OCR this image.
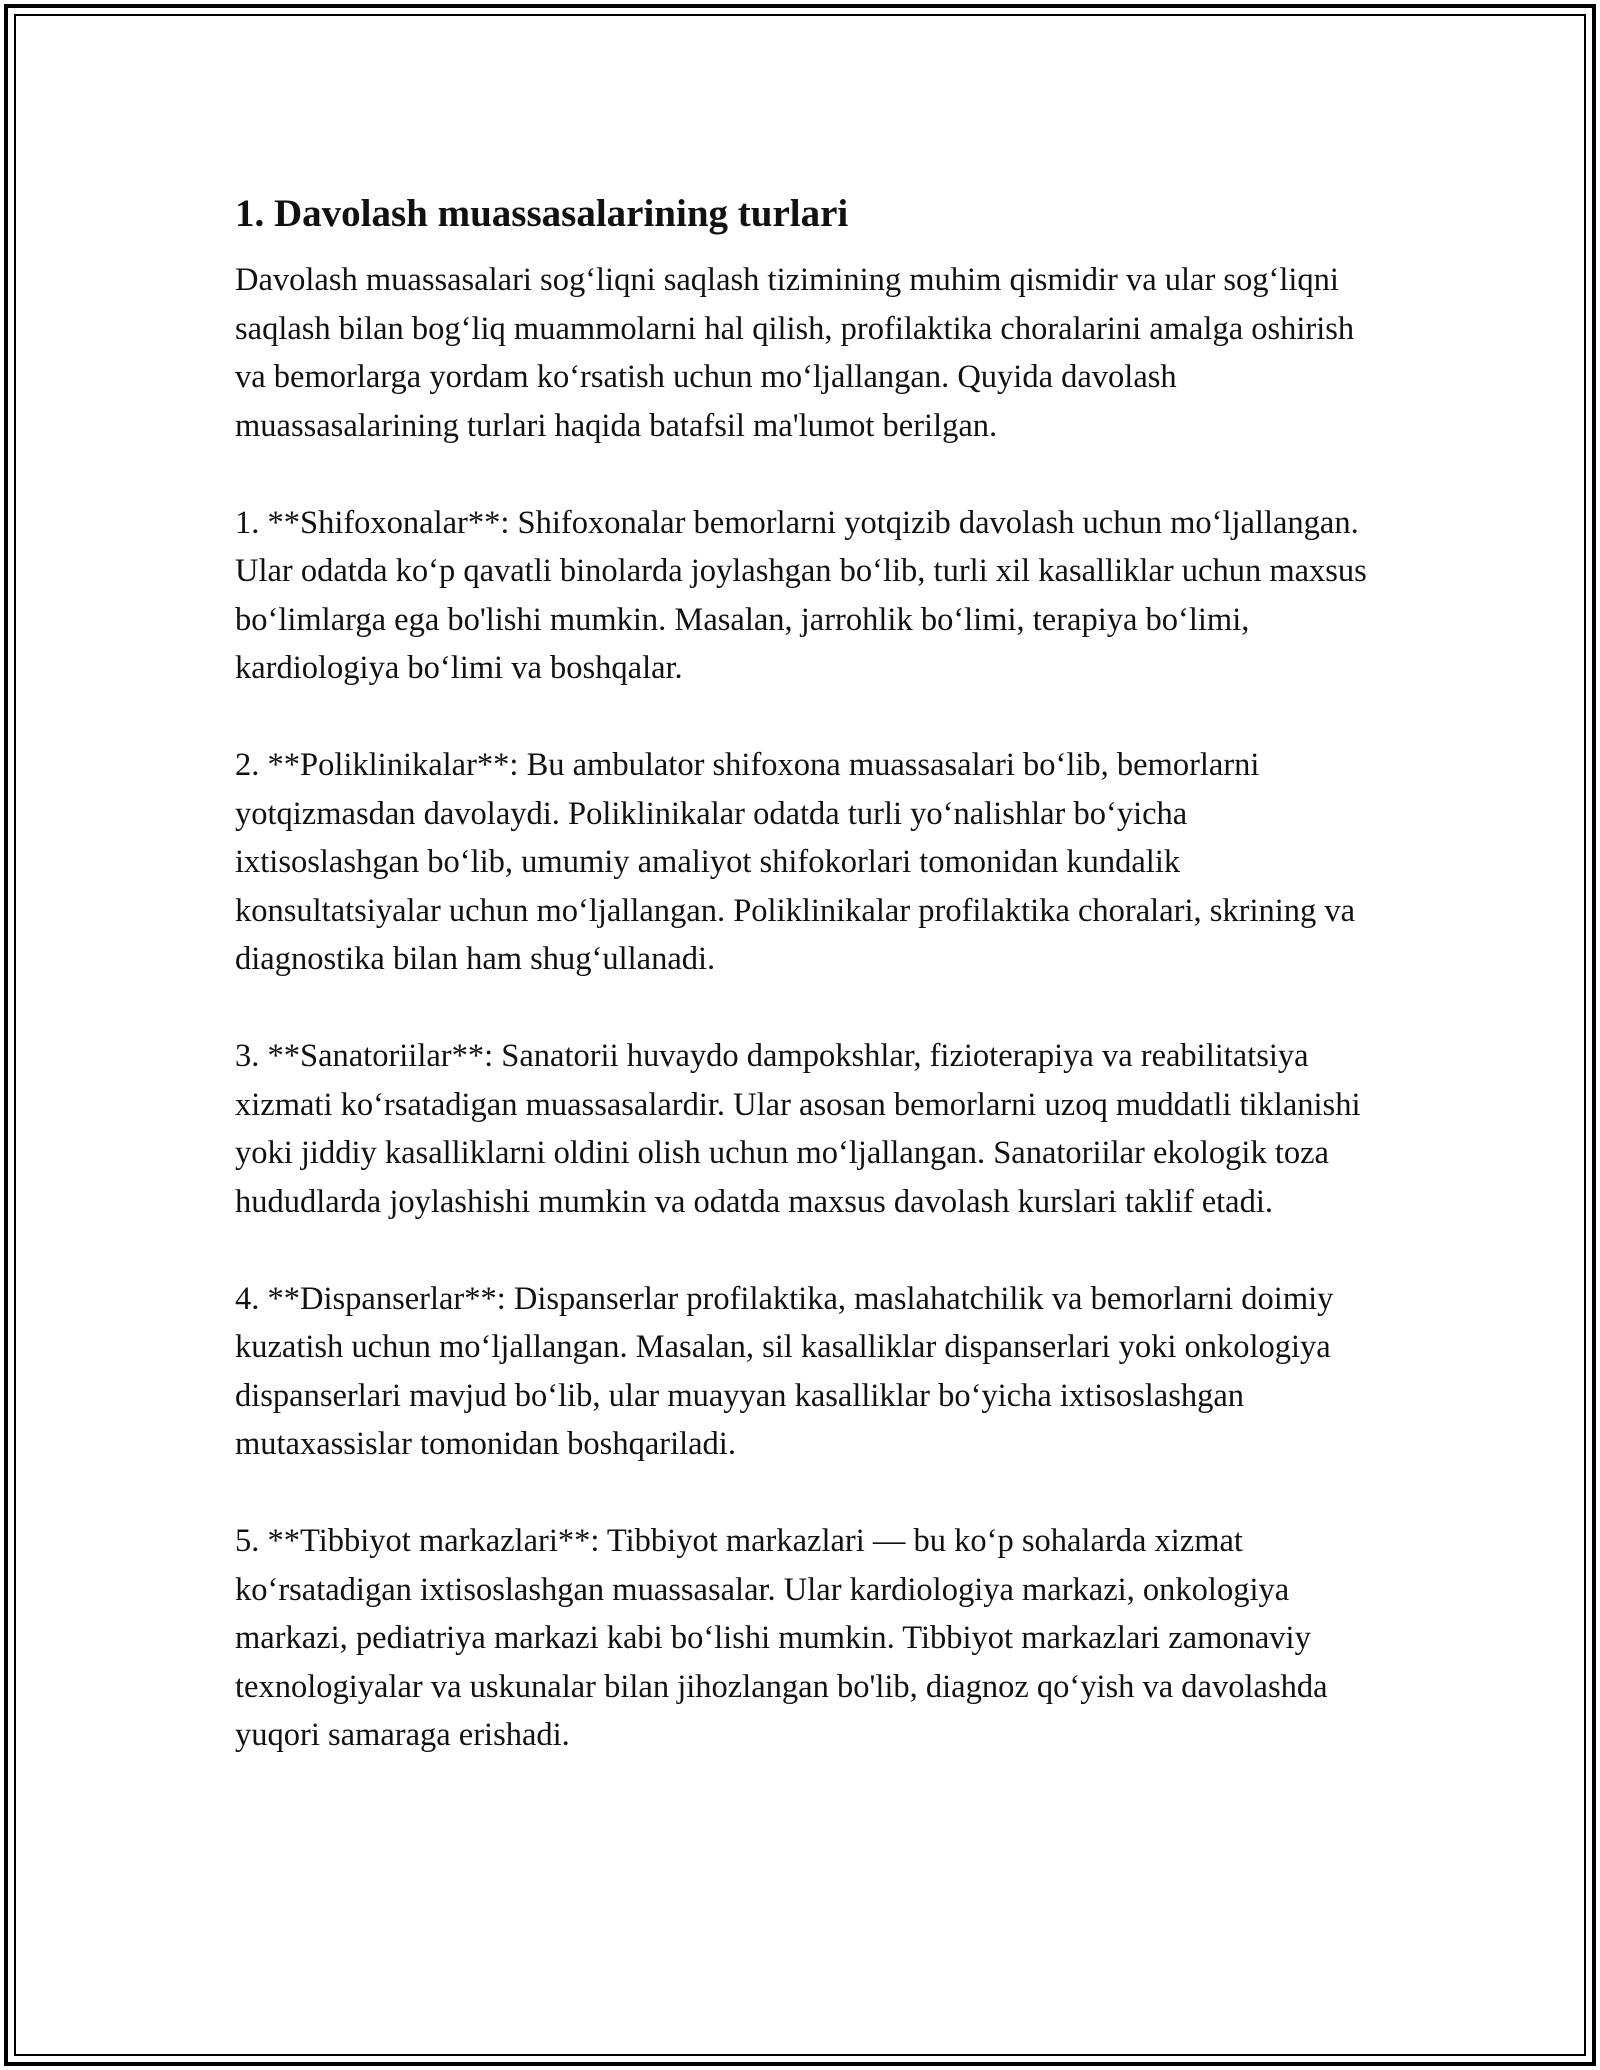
1. Davolash muassasalarining turlari
Davolash muassasalari sog‘liqni saqlash tizimining muhim qismidir va ular sog‘liqni saqlash bilan bog‘liq muammolarni hal qilish, profilaktika choralarini amalga oshirish va bemorlarga yordam ko‘rsatish uchun mo‘ljallangan. Quyida davolash muassasalarining turlari haqida batafsil ma'lumot berilgan.
1. **Shifoxonalar**: Shifoxonalar bemorlarni yotqizib davolash uchun mo‘ljallangan. Ular odatda ko‘p qavatli binolarda joylashgan bo‘lib, turli xil kasalliklar uchun maxsus bo‘limlarga ega bo'lishi mumkin. Masalan, jarrohlik bo‘limi, terapiya bo‘limi, kardiologiya bo‘limi va boshqalar.
2. **Poliklinikalar**: Bu ambulator shifoxona muassasalari bo‘lib, bemorlarni yotqizmasdan davolaydi. Poliklinikalar odatda turli yo‘nalishlar bo‘yicha ixtisoslashgan bo‘lib, umumiy amaliyot shifokorlari tomonidan kundalik konsultatsiyalar uchun mo‘ljallangan. Poliklinikalar profilaktika choralari, skrining va diagnostika bilan ham shug‘ullanadi.
3. **Sanatoriilar**: Sanatorii huvaydo dampokshlar, fizioterapiya va reabilitatsiya xizmati ko‘rsatadigan muassasalardir. Ular asosan bemorlarni uzoq muddatli tiklanishi yoki jiddiy kasalliklarni oldini olish uchun mo‘ljallangan. Sanatoriilar ekologik toza hududlarda joylashishi mumkin va odatda maxsus davolash kurslari taklif etadi.
4. **Dispanserlar**: Dispanserlar profilaktika, maslahatchilik va bemorlarni doimiy kuzatish uchun mo‘ljallangan. Masalan, sil kasalliklar dispanserlari yoki onkologiya dispanserlari mavjud bo‘lib, ular muayyan kasalliklar bo‘yicha ixtisoslashgan mutaxassislar tomonidan boshqariladi.
5. **Tibbiyot markazlari**: Tibbiyot markazlari — bu ko‘p sohalarda xizmat ko‘rsatadigan ixtisoslashgan muassasalar. Ular kardiologiya markazi, onkologiya markazi, pediatriya markazi kabi bo‘lishi mumkin. Tibbiyot markazlari zamonaviy texnologiyalar va uskunalar bilan jihozlangan bo'lib, diagnoz qo‘yish va davolashda yuqori samaraga erishadi.
